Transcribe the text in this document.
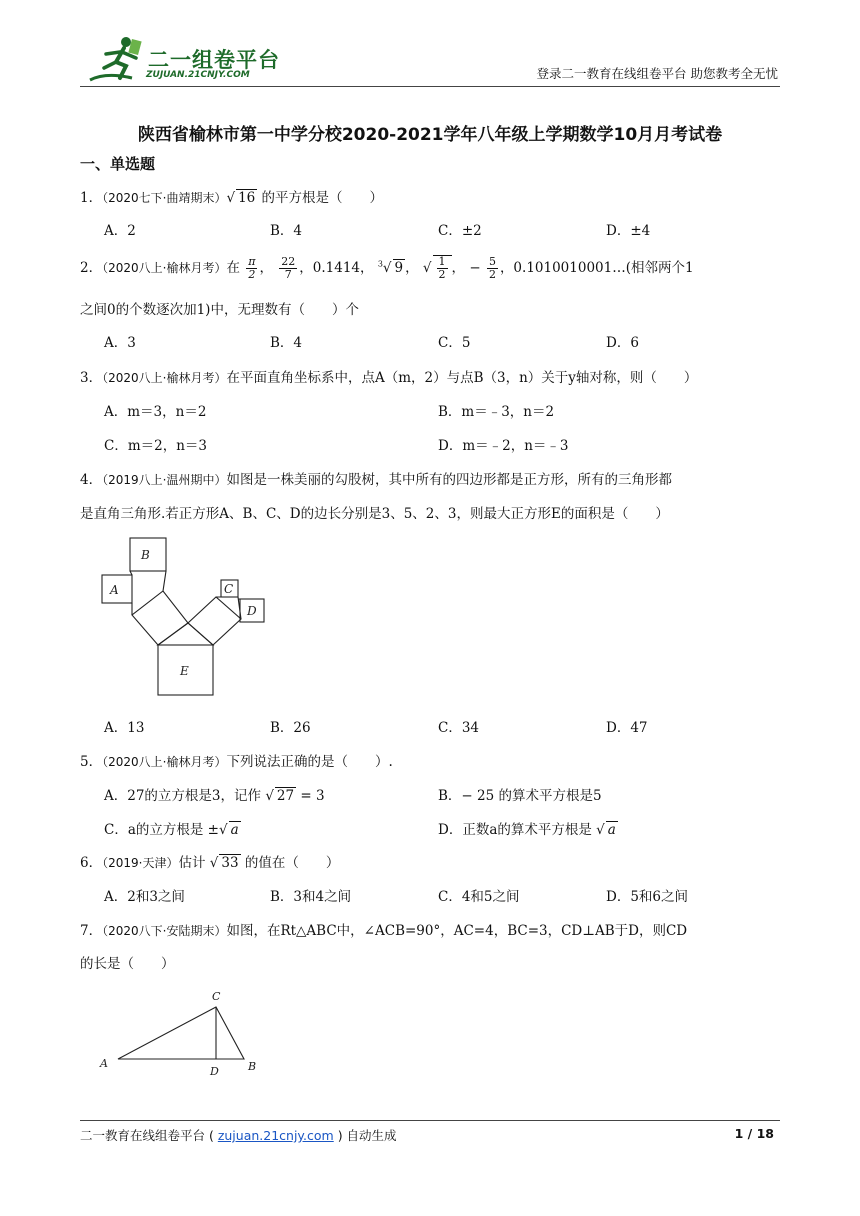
二一组卷平台
ZUJUAN.21CNJY.COM	登录二一教育在线组卷平台 助您教考全无忧
陕西省榆林市第一中学分校2020-2021学年八年级上学期数学10月月考试卷
一、单选题
1．（2020七下·曲靖期末）√ 16 的平方根是（　　）
A．2	B．4	C．±2	D．±4
2．（2020八上·榆林月考）在 $\frac{\pi}{2}$ ， $\frac{22}{7}$ ，0.1414， $^3$√ 9 ， √ $\frac{1}{2}$ ， − $\frac{5}{2}$ ，0.1010010001…(相邻两个1
之间0的个数逐次加1)中，无理数有（　　）个
A．3	B．4	C．5	D．6
3．（2020八上·榆林月考）在平面直角坐标系中，点A（m，2）与点B（3，n）关于y轴对称，则（　　）
A．m＝3，n＝2	B．m＝﹣3，n＝2
C．m＝2，n＝3	D．m＝﹣2，n＝﹣3
4．（2019八上·温州期中）如图是一株美丽的勾股树，其中所有的四边形都是正方形，所有的三角形都
是直角三角形.若正方形A、B、C、D的边长分别是3、5、2、3，则最大正方形E的面积是（　　）
A
B
C
D
E
A．13	B．26	C．34	D．47
5．（2020八上·榆林月考）下列说法正确的是（　　）.
A．27的立方根是3，记作 √ 27 = 3	B．− 25 的算术平方根是5
C．a的立方根是 ±√ a	D．正数a的算术平方根是 √ a
6．（2019·天津）估计 √ 33 的值在（　　）
A．2和3之间	B．3和4之间	C．4和5之间	D．5和6之间
7．（2020八下·安陆期末）如图，在Rt△ABC中，∠ACB=90°，AC=4，BC=3，CD⊥AB于D，则CD
的长是（　　）
A	B
C
D
二一教育在线组卷平台 ( zujuan.21cnjy.com ) 自动生成	1 / 18
